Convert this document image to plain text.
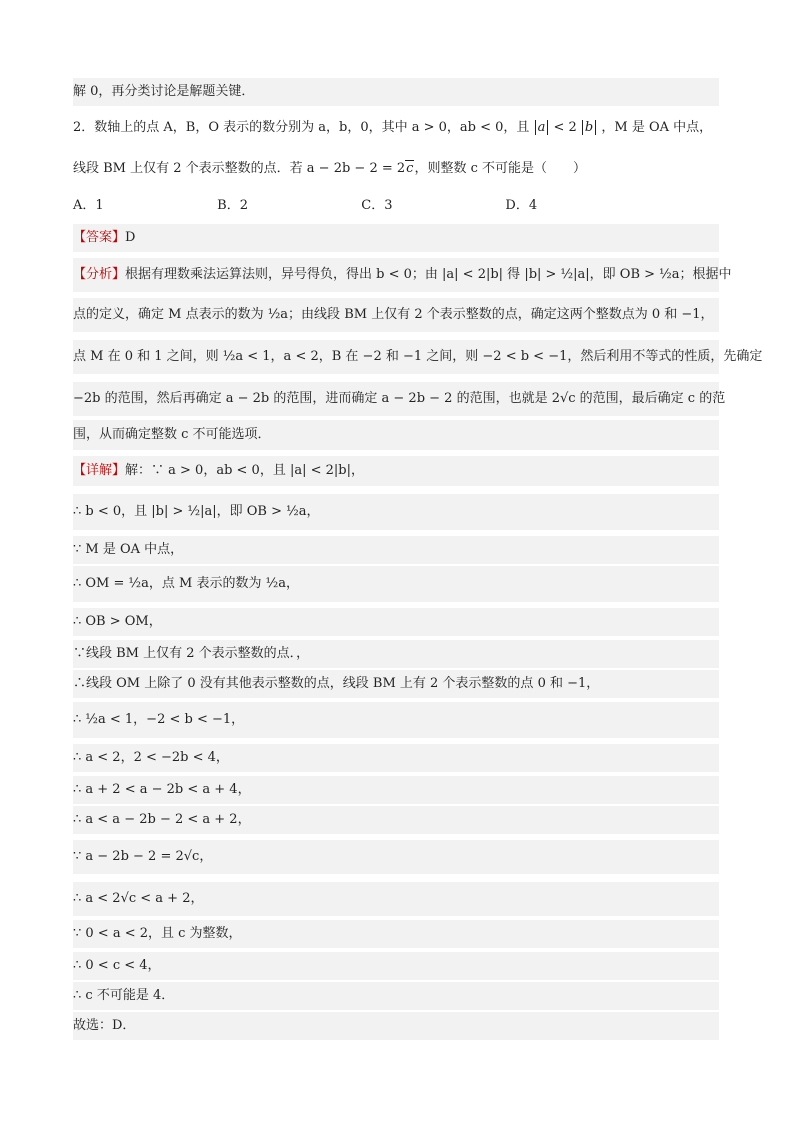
解 0，再分类讨论是解题关键．
2．数轴上的点 A，B，O 表示的数分别为 a，b，0，其中 a > 0，ab < 0，且 a < 2 b ，M 是 OA 中点，
线段 BM 上仅有 2 个表示整数的点．若 a − 2b − 2 = 2c，则整数 c 不可能是（　　）
A．1	B．2	C．3	D．4
【答案】D
【分析】根据有理数乘法运算法则，异号得负，得出 b < 0；由 |a| < 2|b| 得 |b| > ½|a|，即 OB > ½a；根据中
点的定义，确定 M 点表示的数为 ½a；由线段 BM 上仅有 2 个表示整数的点，确定这两个整数点为 0 和 −1，
点 M 在 0 和 1 之间，则 ½a < 1，a < 2，B 在 −2 和 −1 之间，则 −2 < b < −1，然后利用不等式的性质，先确定
−2b 的范围，然后再确定 a − 2b 的范围，进而确定 a − 2b − 2 的范围，也就是 2√c 的范围，最后确定 c 的范
围，从而确定整数 c 不可能选项．
【详解】解：∵ a > 0，ab < 0，且 |a| < 2|b|，
∴ b < 0，且 |b| > ½|a|，即 OB > ½a，
∵ M 是 OA 中点，
∴ OM = ½a，点 M 表示的数为 ½a，
∴ OB > OM，
∵线段 BM 上仅有 2 个表示整数的点．，
∴线段 OM 上除了 0 没有其他表示整数的点，线段 BM 上有 2 个表示整数的点 0 和 −1，
∴ ½a < 1，−2 < b < −1，
∴ a < 2，2 < −2b < 4，
∴ a + 2 < a − 2b < a + 4，
∴ a < a − 2b − 2 < a + 2，
∵ a − 2b − 2 = 2√c，
∴ a < 2√c < a + 2，
∵ 0 < a < 2，且 c 为整数，
∴ 0 < c < 4，
∴ c 不可能是 4．
故选：D．
